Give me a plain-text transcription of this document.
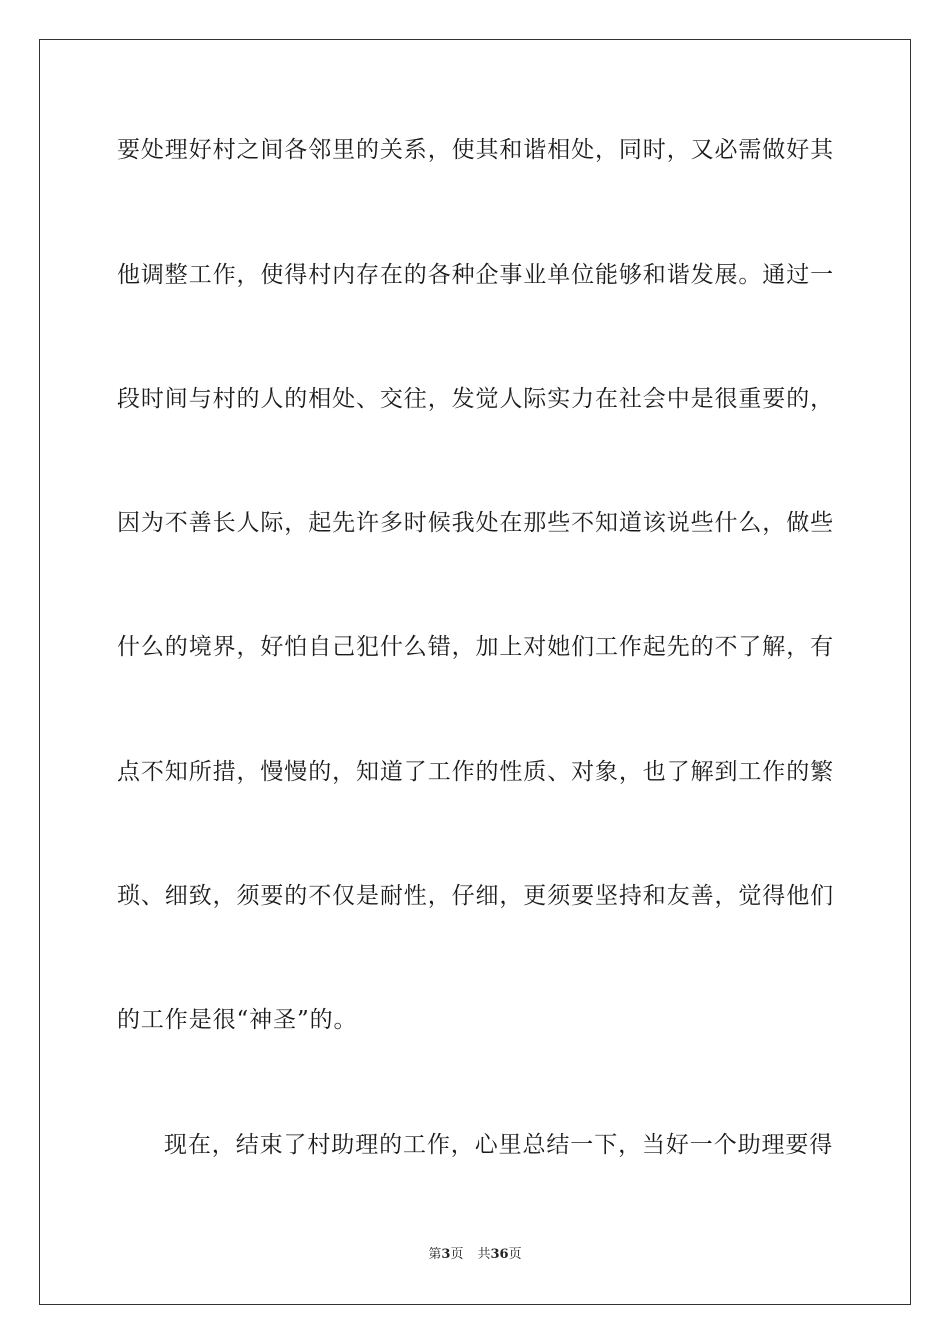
要处理好村之间各邻里的关系，使其和谐相处，同时，又必需做好其
他调整工作，使得村内存在的各种企事业单位能够和谐发展。通过一
段时间与村的人的相处、交往，发觉人际实力在社会中是很重要的，
因为不善长人际，起先许多时候我处在那些不知道该说些什么，做些
什么的境界，好怕自己犯什么错，加上对她们工作起先的不了解，有
点不知所措，慢慢的，知道了工作的性质、对象，也了解到工作的繁
琐、细致，须要的不仅是耐性，仔细，更须要坚持和友善，觉得他们
的工作是很“神圣”的。
现在，结束了村助理的工作，心里总结一下，当好一个助理要得
第3页 共36页
